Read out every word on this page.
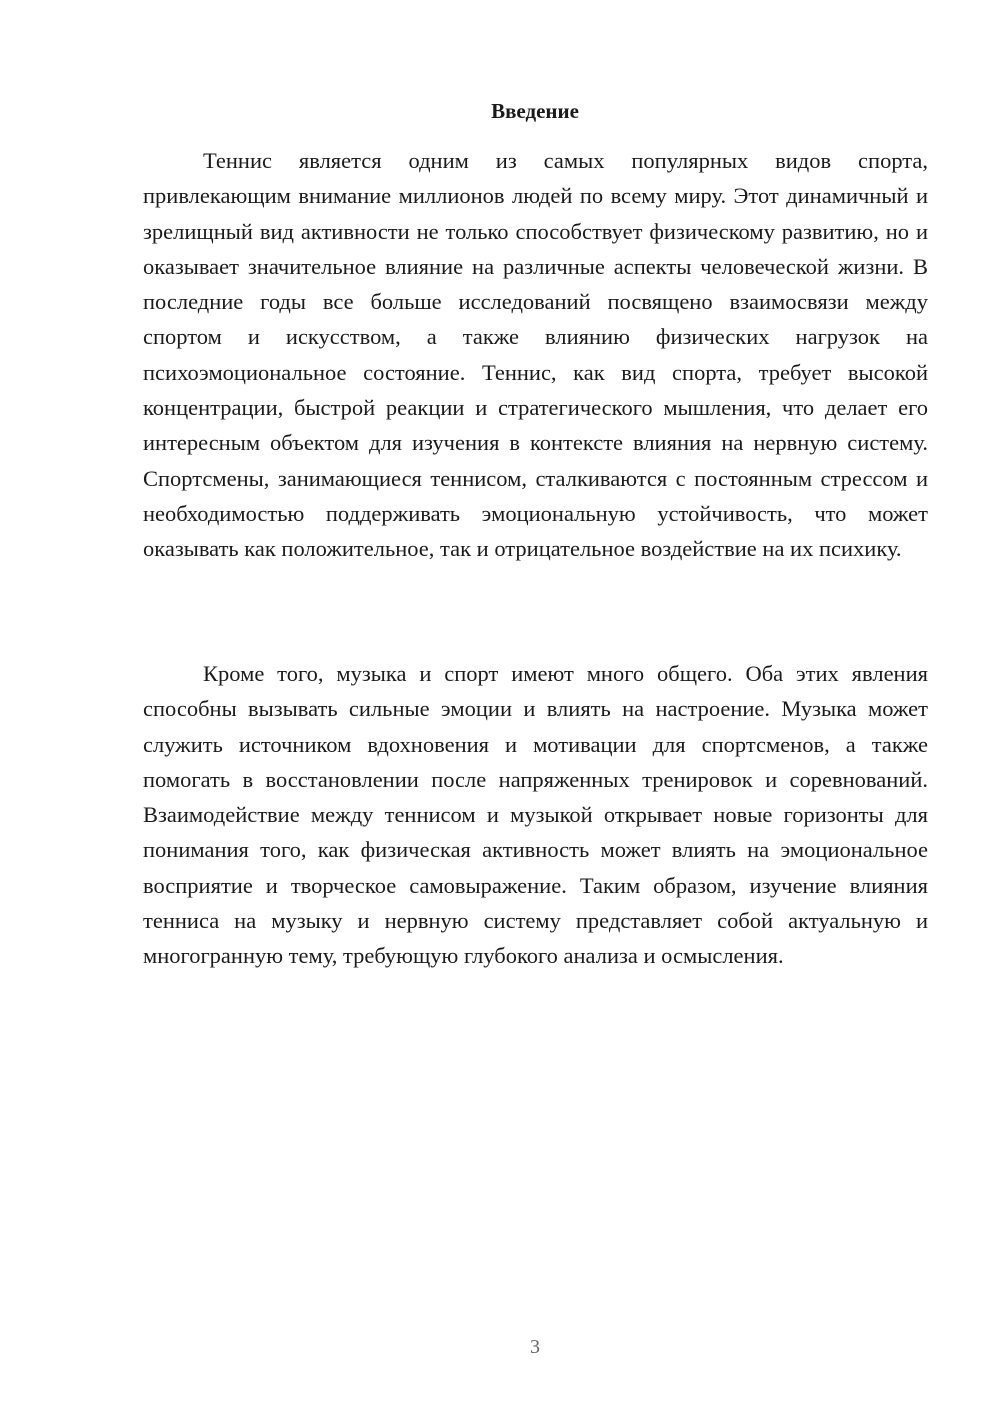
Введение

Теннис является одним из самых популярных видов спорта, привлекающим внимание миллионов людей по всему миру. Этот динамичный и зрелищный вид активности не только способствует физическому развитию, но и оказывает значительное влияние на различные аспекты человеческой жизни. В последние годы все больше исследований посвящено взаимосвязи между спортом и искусством, а также влиянию физических нагрузок на психоэмоциональное состояние. Теннис, как вид спорта, требует высокой концентрации, быстрой реакции и стратегического мышления, что делает его интересным объектом для изучения в контексте влияния на нервную систему. Спортсмены, занимающиеся теннисом, сталкиваются с постоянным стрессом и необходимостью поддерживать эмоциональную устойчивость, что может оказывать как положительное, так и отрицательное воздействие на их психику.

Кроме того, музыка и спорт имеют много общего. Оба этих явления способны вызывать сильные эмоции и влиять на настроение. Музыка может служить источником вдохновения и мотивации для спортсменов, а также помогать в восстановлении после напряженных тренировок и соревнований. Взаимодействие между теннисом и музыкой открывает новые горизонты для понимания того, как физическая активность может влиять на эмоциональное восприятие и творческое самовыражение. Таким образом, изучение влияния тенниса на музыку и нервную систему представляет собой актуальную и многогранную тему, требующую глубокого анализа и осмысления.

3
